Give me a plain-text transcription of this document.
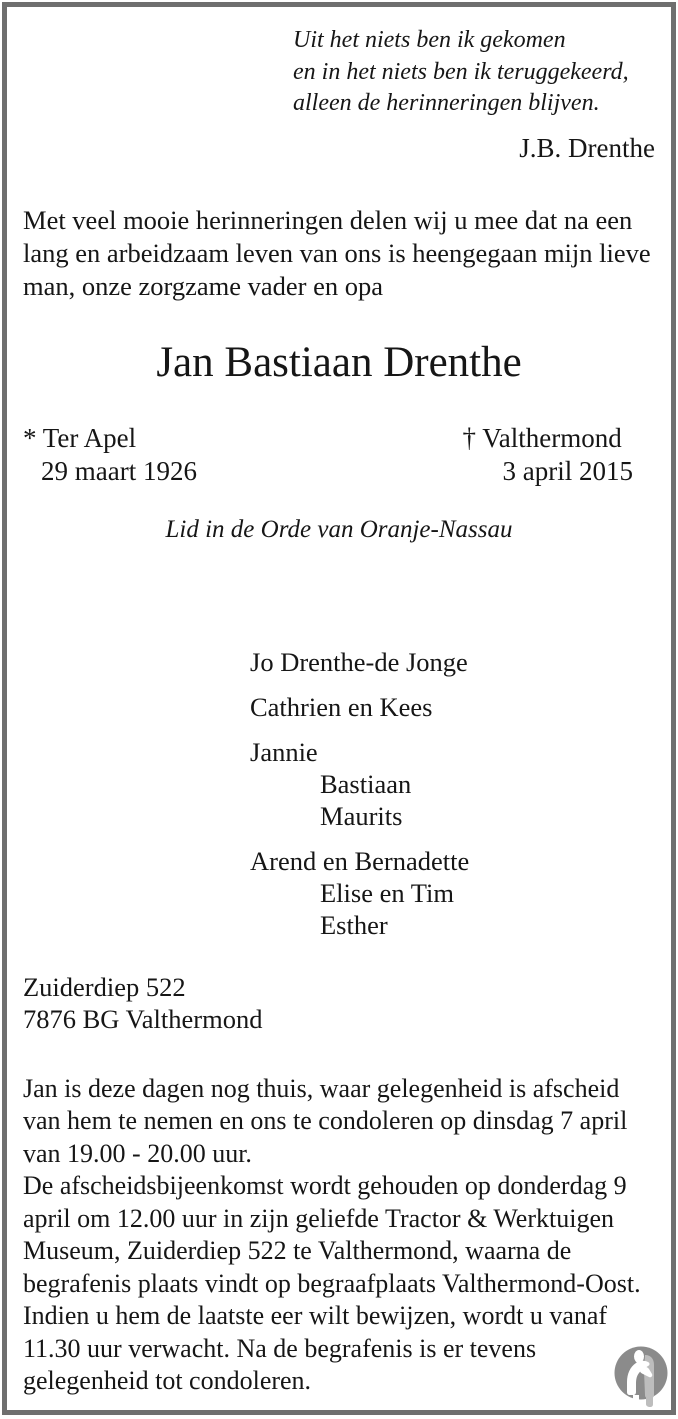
Uit het niets ben ik gekomen
en in het niets ben ik teruggekeerd,
alleen de herinneringen blijven.
J.B. Drenthe

Met veel mooie herinneringen delen wij u mee dat na een lang en arbeidzaam leven van ons is heengegaan mijn lieve man, onze zorgzame vader en opa

Jan Bastiaan Drenthe
* Ter Apel
29 maart 1926
† Valthermond
3 april 2015
Lid in de Orde van Oranje-Nassau
Jo Drenthe-de Jonge
Cathrien en Kees
Jannie
Bastiaan
Maurits
Arend en Bernadette
Elise en Tim
Esther
Zuiderdiep 522
7876 BG Valthermond

Jan is deze dagen nog thuis, waar gelegenheid is afscheid van hem te nemen en ons te condoleren op dinsdag 7 april van 19.00 - 20.00 uur.

De afscheidsbijeenkomst wordt gehouden op donderdag 9 april om 12.00 uur in zijn geliefde Tractor & Werktuigen Museum, Zuiderdiep 522 te Valthermond, waarna de begrafenis plaats vindt op begraafplaats Valthermond-Oost. Indien u hem de laatste eer wilt bewijzen, wordt u vanaf 11.30 uur verwacht. Na de begrafenis is er tevens gelegenheid tot condoleren.
